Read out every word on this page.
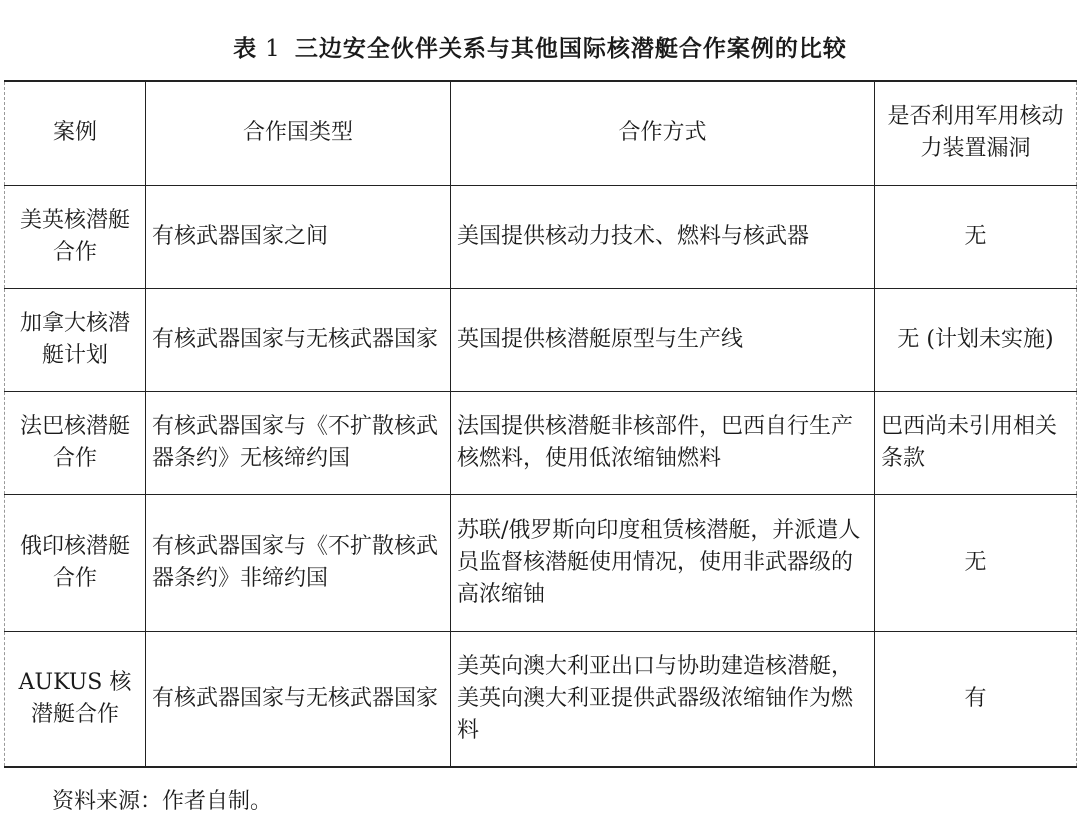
表 1 三边安全伙伴关系与其他国际核潜艇合作案例的比较
案例	合作国类型	合作方式	是否利用军用核动力装置漏洞
美英核潜艇合作	有核武器国家之间	美国提供核动力技术、燃料与核武器	无
加拿大核潜艇计划	有核武器国家与无核武器国家	英国提供核潜艇原型与生产线	无 (计划未实施)
法巴核潜艇合作	有核武器国家与《不扩散核武器条约》无核缔约国	法国提供核潜艇非核部件，巴西自行生产核燃料，使用低浓缩铀燃料	巴西尚未引用相关条款
俄印核潜艇合作	有核武器国家与《不扩散核武器条约》非缔约国	苏联/俄罗斯向印度租赁核潜艇，并派遣人员监督核潜艇使用情况，使用非武器级的高浓缩铀	无
AUKUS 核潜艇合作	有核武器国家与无核武器国家	美英向澳大利亚出口与协助建造核潜艇，美英向澳大利亚提供武器级浓缩铀作为燃料	有
资料来源：作者自制。
